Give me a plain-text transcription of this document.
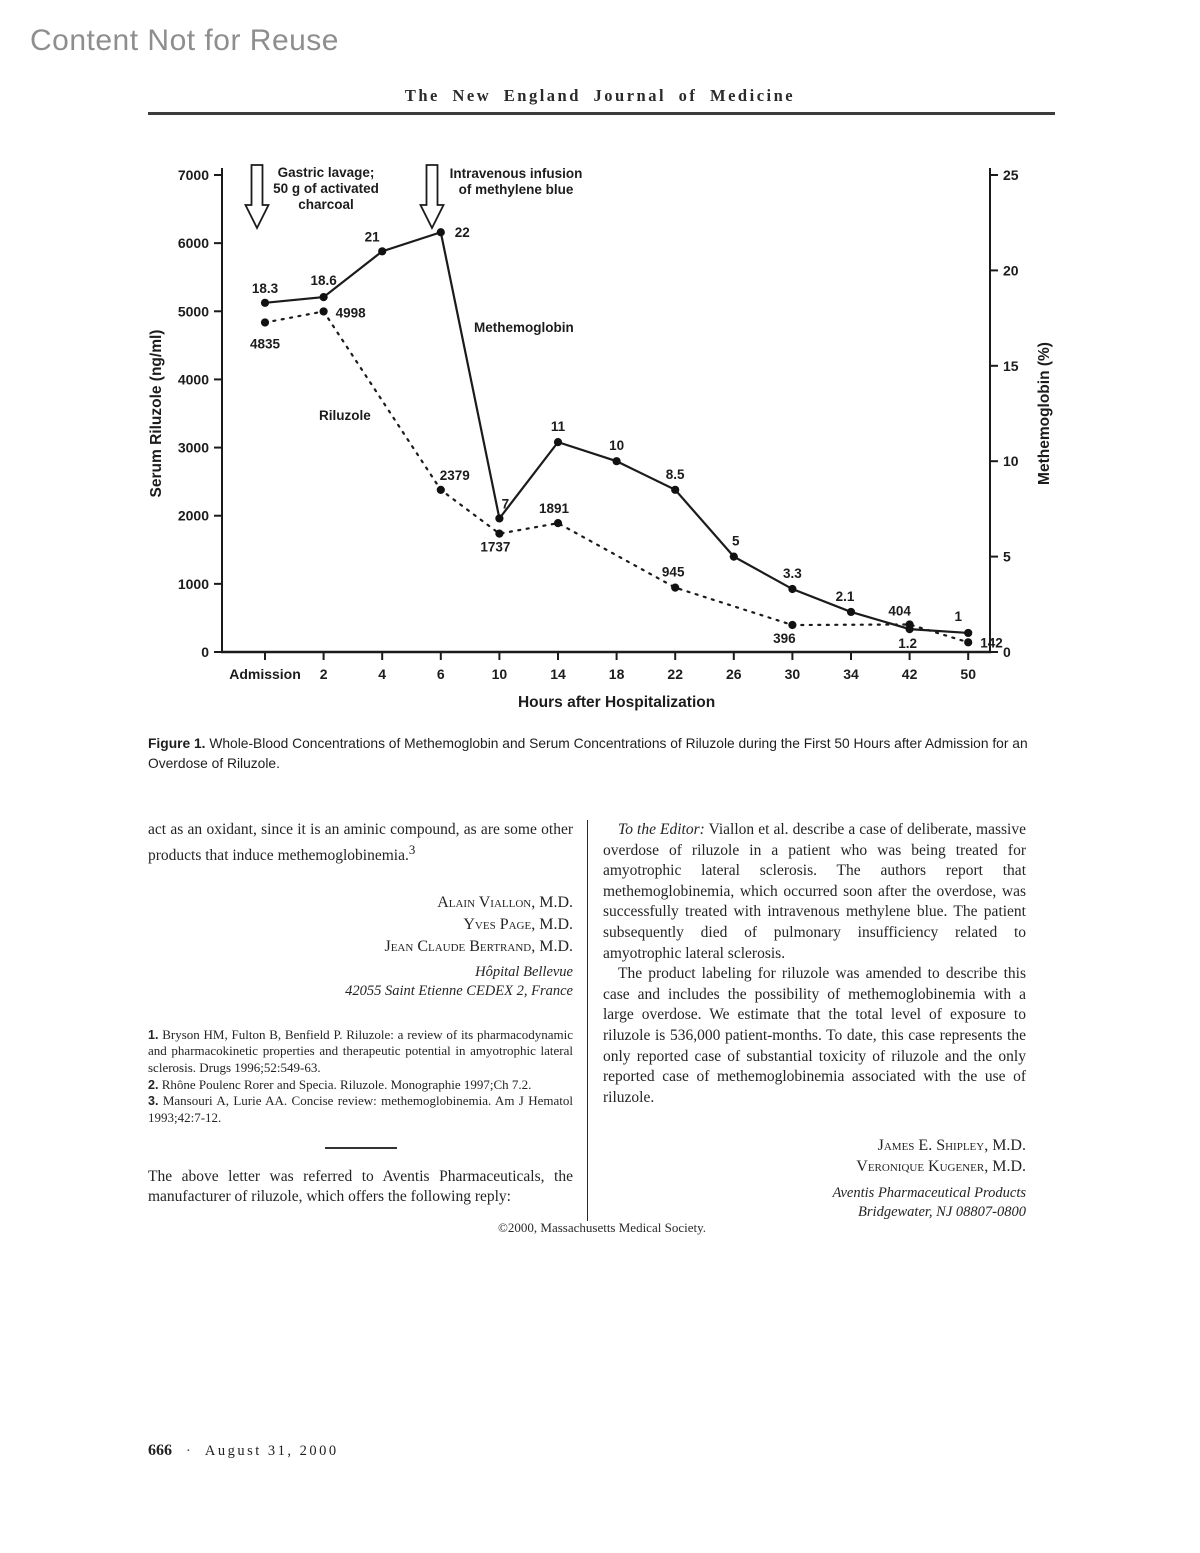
Content Not for Reuse
The New England Journal of Medicine
0
1000
2000
3000
4000
5000
6000
7000
0
5
10
15
20
25
Admission 2	4	6	10	14	18	22	26	30	34	42	50
Hours after Hospitalization
Serum Riluzole (ng/ml)	Methemoglobin (%)
4835
4998
2379
1737
1891
945
396
404
142
Riluzole
18.3
18.6
21	22
7
11
10
8.5
5
3.3
2.1
1.2
1
Methemoglobin
Gastric lavage;
50 g of activated
charcoal
Intravenous infusion
of methylene blue

Figure 1. Whole-Blood Concentrations of Methemoglobin and Serum Concentrations of Riluzole during the First 50 Hours after Admission for an Overdose of Riluzole.

act as an oxidant, since it is an aminic compound, as are some other products that induce methemoglobinemia.$^3$

Alain Viallon, M.D.
Yves Page, M.D.
Jean Claude Bertrand, M.D.
Hôpital Bellevue
42055 Saint Etienne CEDEX 2, France

1. Bryson HM, Fulton B, Benfield P. Riluzole: a review of its pharmacodynamic and pharmacokinetic properties and therapeutic potential in amyotrophic lateral sclerosis. Drugs 1996;52:549-63.

2. Rhône Poulenc Rorer and Specia. Riluzole. Monographie 1997;Ch 7.2.

3. Mansouri A, Lurie AA. Concise review: methemoglobinemia. Am J Hematol 1993;42:7-12.

The above letter was referred to Aventis Pharmaceuticals, the manufacturer of riluzole, which offers the following reply:

To the Editor: Viallon et al. describe a case of deliberate, massive overdose of riluzole in a patient who was being treated for amyotrophic lateral sclerosis. The authors report that methemoglobinemia, which occurred soon after the overdose, was successfully treated with intravenous methylene blue. The patient subsequently died of pulmonary insufficiency related to amyotrophic lateral sclerosis.

The product labeling for riluzole was amended to describe this case and includes the possibility of methemoglobinemia with a large overdose. We estimate that the total level of exposure to riluzole is 536,000 patient-months. To date, this case represents the only reported case of substantial toxicity of riluzole and the only reported case of methemoglobinemia associated with the use of riluzole.

James E. Shipley, M.D.
Veronique Kugener, M.D.
Aventis Pharmaceutical Products
Bridgewater, NJ 08807-0800
©2000, Massachusetts Medical Society.
666 · August 31, 2000
